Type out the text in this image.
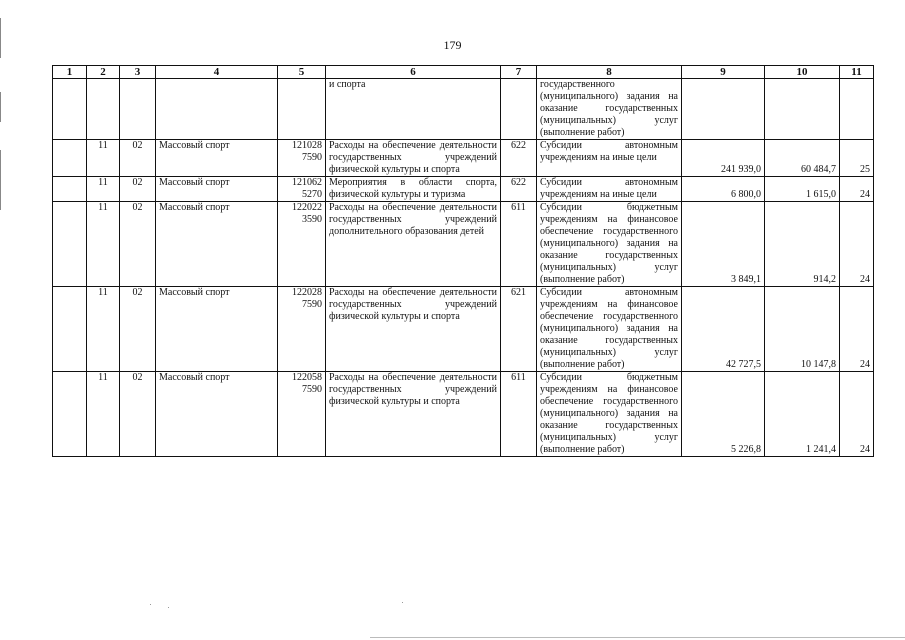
179
1	2	3	4	5	6	7	8	9	10	11
					и спорта		государственного (муниципального) задания на оказание государственных (муниципальных) услуг (выполнение работ)			
	11	02	Массовый спорт	121028 7590	Расходы на обеспечение деятельности государственных учреждений физической культуры и спорта	622	Субсидии автономным учреждениям на иные цели	241 939,0	60 484,7	25
	11	02	Массовый спорт	121062 5270	Мероприятия в области спорта, физической культуры и туризма	622	Субсидии автономным учреждениям на иные цели	6 800,0	1 615,0	24
	11	02	Массовый спорт	122022 3590	Расходы на обеспечение деятельности государственных учреждений дополнительного образования детей	611	Субсидии бюджетным учреждениям на финансовое обеспечение государственного (муниципального) задания на оказание государственных (муниципальных) услуг (выполнение работ)	3 849,1	914,2	24
	11	02	Массовый спорт	122028 7590	Расходы на обеспечение деятельности государственных учреждений физической культуры и спорта	621	Субсидии автономным учреждениям на финансовое обеспечение государственного (муниципального) задания на оказание государственных (муниципальных) услуг (выполнение работ)	42 727,5	10 147,8	24
	11	02	Массовый спорт	122058 7590	Расходы на обеспечение деятельности государственных учреждений физической культуры и спорта	611	Субсидии бюджетным учреждениям на финансовое обеспечение государственного (муниципального) задания на оказание государственных (муниципальных) услуг (выполнение работ)	5 226,8	1 241,4	24
